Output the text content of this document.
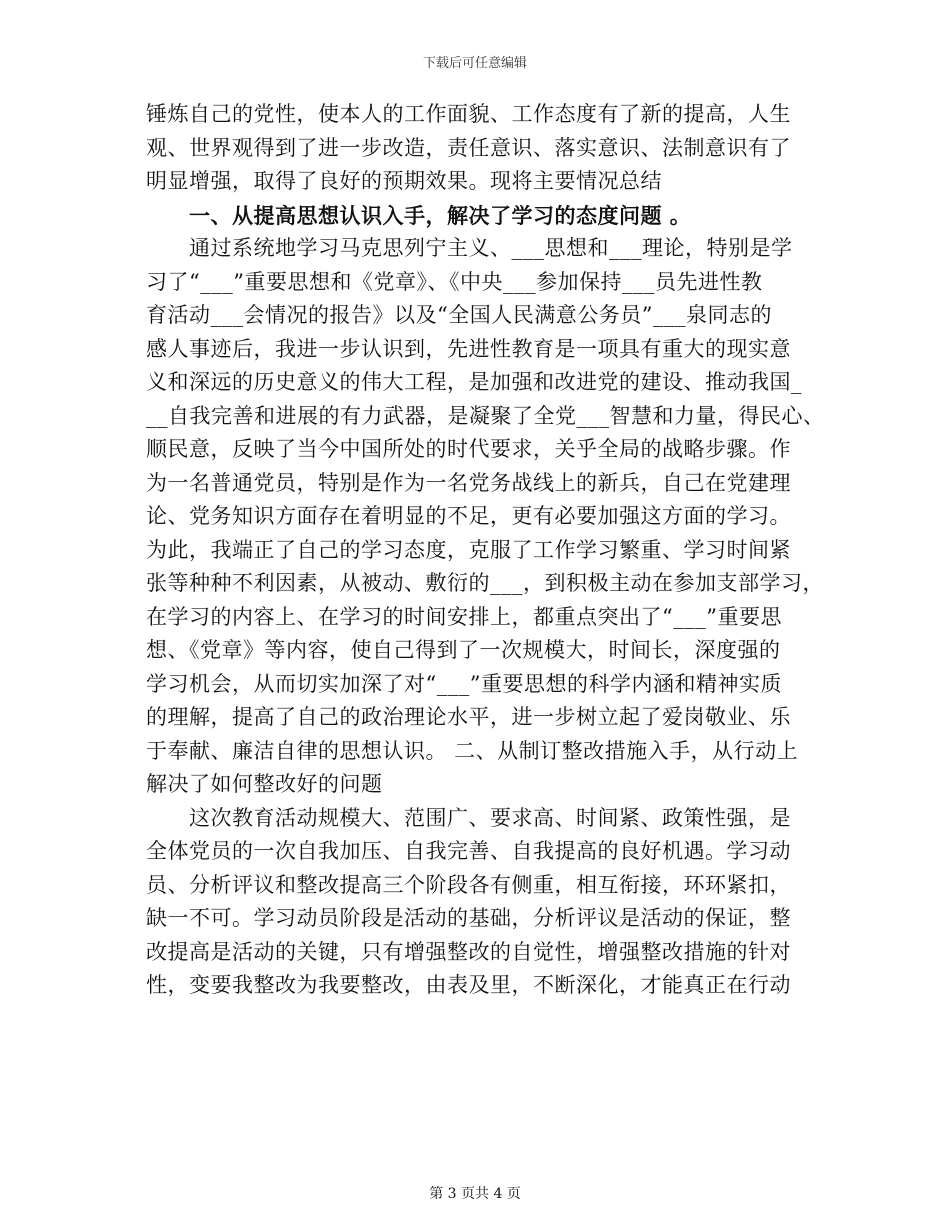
下载后可任意编辑
锤炼自己的党性，使本人的工作面貌、工作态度有了新的提高，人生
观、世界观得到了进一步改造，责任意识、落实意识、法制意识有了
明显增强，取得了良好的预期效果。现将主要情况总结
　　一、从提高思想认识入手，解决了学习的态度问题 。
　　通过系统地学习马克思列宁主义、___思想和___理论，特别是学
习了“___”重要思想和《党章》、《中央___参加保持___员先进性教
育活动___会情况的报告》以及“全国人民满意公务员”___泉同志的
感人事迹后，我进一步认识到，先进性教育是一项具有重大的现实意
义和深远的历史意义的伟大工程，是加强和改进党的建设、推动我国_
__自我完善和进展的有力武器，是凝聚了全党___智慧和力量，得民心、
顺民意，反映了当今中国所处的时代要求，关乎全局的战略步骤。作
为一名普通党员，特别是作为一名党务战线上的新兵，自己在党建理
论、党务知识方面存在着明显的不足，更有必要加强这方面的学习。
为此，我端正了自己的学习态度，克服了工作学习繁重、学习时间紧
张等种种不利因素，从被动、敷衍的___，到积极主动在参加支部学习，
在学习的内容上、在学习的时间安排上，都重点突出了“___”重要思
想、《党章》等内容，使自己得到了一次规模大，时间长，深度强的
学习机会，从而切实加深了对“___”重要思想的科学内涵和精神实质
的理解，提高了自己的政治理论水平，进一步树立起了爱岗敬业、乐
于奉献、廉洁自律的思想认识。 二、从制订整改措施入手，从行动上
解决了如何整改好的问题
　　这次教育活动规模大、范围广、要求高、时间紧、政策性强，是
全体党员的一次自我加压、自我完善、自我提高的良好机遇。学习动
员、分析评议和整改提高三个阶段各有侧重，相互衔接，环环紧扣，
缺一不可。学习动员阶段是活动的基础，分析评议是活动的保证，整
改提高是活动的关键，只有增强整改的自觉性，增强整改措施的针对
性，变要我整改为我要整改，由表及里，不断深化，才能真正在行动
第 3 页共 4 页
